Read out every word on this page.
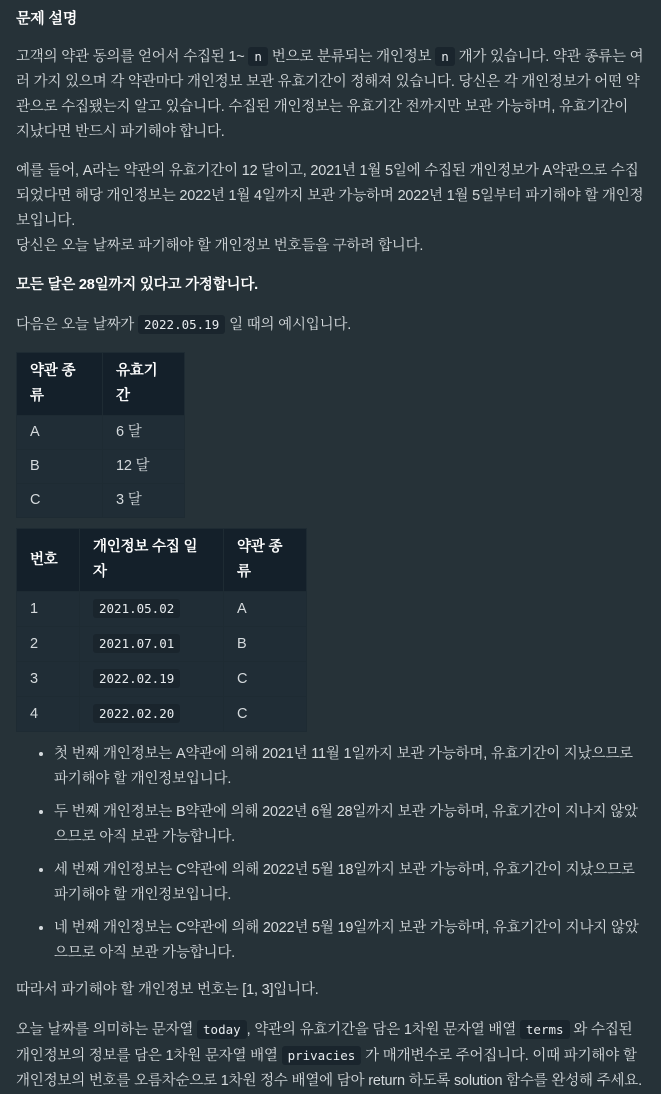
문제 설명

고객의 약관 동의를 얻어서 수집된 1~ n 번으로 분류되는 개인정보 n 개가 있습니다. 약관 종류는 여러 가지 있으며 각 약관마다 개인정보 보관 유효기간이 정해져 있습니다. 당신은 각 개인정보가 어떤 약관으로 수집됐는지 알고 있습니다. 수집된 개인정보는 유효기간 전까지만 보관 가능하며, 유효기간이 지났다면 반드시 파기해야 합니다.

예를 들어, A라는 약관의 유효기간이 12 달이고, 2021년 1월 5일에 수집된 개인정보가 A약관으로 수집되었다면 해당 개인정보는 2022년 1월 4일까지 보관 가능하며 2022년 1월 5일부터 파기해야 할 개인정보입니다.
당신은 오늘 날짜로 파기해야 할 개인정보 번호들을 구하려 합니다.

모든 달은 28일까지 있다고 가정합니다.

다음은 오늘 날짜가 2022.05.19 일 때의 예시입니다.

약관 종류	유효기간
A	6 달
B	12 달
C	3 달
번호	개인정보 수집 일자	약관 종류
1	2021.05.02	A
2	2021.07.01	B
3	2022.02.19	C
4	2022.02.20	C
• 첫 번째 개인정보는 A약관에 의해 2021년 11월 1일까지 보관 가능하며, 유효기간이 지났으므로 파기해야 할 개인정보입니다.
• 두 번째 개인정보는 B약관에 의해 2022년 6월 28일까지 보관 가능하며, 유효기간이 지나지 않았으므로 아직 보관 가능합니다.
• 세 번째 개인정보는 C약관에 의해 2022년 5월 18일까지 보관 가능하며, 유효기간이 지났으므로 파기해야 할 개인정보입니다.
• 네 번째 개인정보는 C약관에 의해 2022년 5월 19일까지 보관 가능하며, 유효기간이 지나지 않았으므로 아직 보관 가능합니다.

따라서 파기해야 할 개인정보 번호는 [1, 3]입니다.

오늘 날짜를 의미하는 문자열 today , 약관의 유효기간을 담은 1차원 문자열 배열 terms 와 수집된 개인정보의 정보를 담은 1차원 문자열 배열 privacies 가 매개변수로 주어집니다. 이때 파기해야 할 개인정보의 번호를 오름차순으로 1차원 정수 배열에 담아 return 하도록 solution 함수를 완성해 주세요.
